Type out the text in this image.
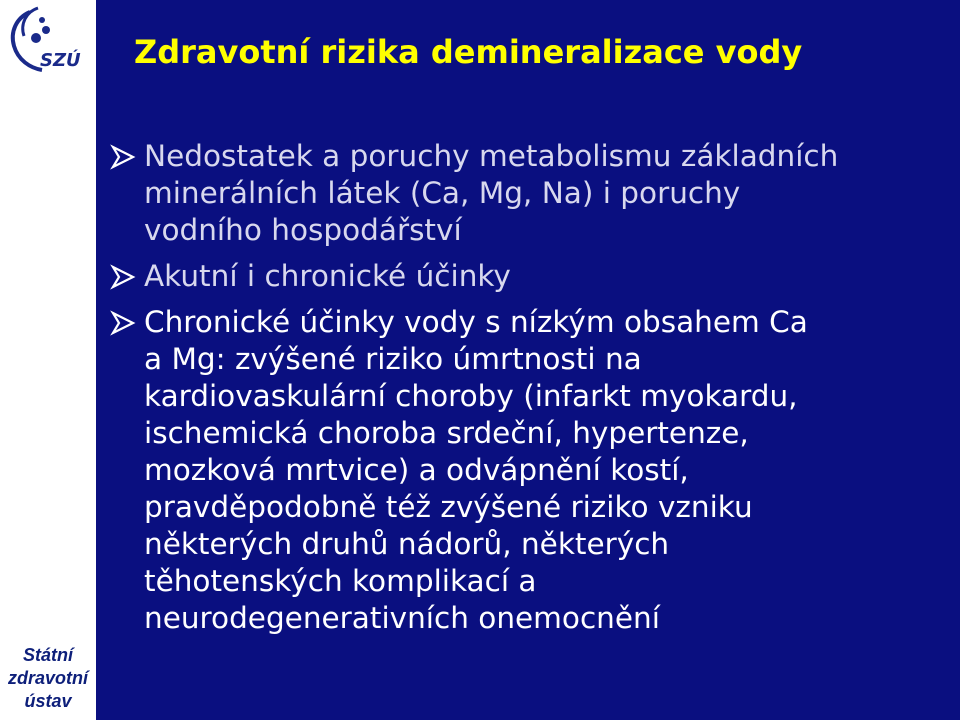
SZÚ
Státní
zdravotní
ústav
Zdravotní rizika demineralizace vody
Nedostatek a poruchy metabolismu základních
minerálních látek (Ca, Mg, Na) i poruchy
vodního hospodářství
Akutní i chronické účinky
Chronické účinky vody s nízkým obsahem Ca
a Mg: zvýšené riziko úmrtnosti na
kardiovaskulární choroby (infarkt myokardu,
ischemická choroba srdeční, hypertenze,
mozková mrtvice) a odvápnění kostí,
pravděpodobně též zvýšené riziko vzniku
některých druhů nádorů, některých
těhotenských komplikací a
neurodegenerativních onemocnění
